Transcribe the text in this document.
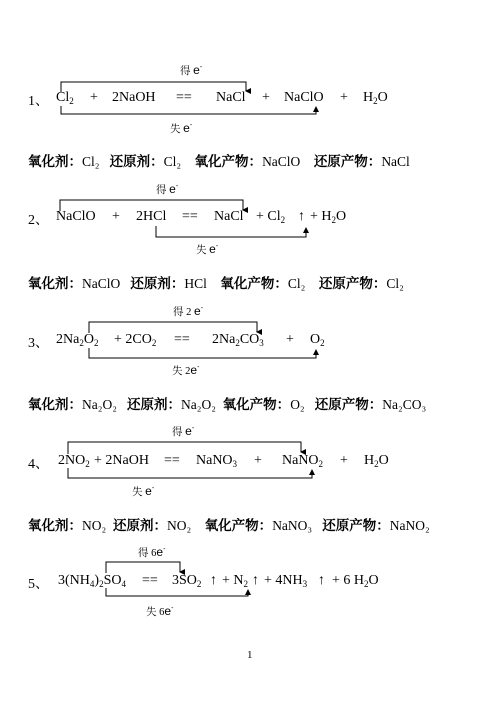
得 e-
1、 $Cl_2$ + 2NaOH == NaCl + NaClO + $H_2O$
失 e-
氧化剂：Cl₂ 还原剂：Cl₂ 氧化产物：NaClO 还原产物：NaCl
得 e-
2、 NaClO + 2HCl == NaCl + $Cl_2$ ↑ + $H_2O$
失 e-
氧化剂：NaClO 还原剂：HCl 氧化产物：Cl₂ 还原产物：Cl₂
得 2 e-
3、 $2Na_2O_2 + 2CO_2 == 2Na_2CO_3 + O_2$
失 2e-
氧化剂：Na₂O₂ 还原剂：Na₂O₂ 氧化产物：O₂ 还原产物：Na₂CO₃
得 e-
4、 $2NO_2$ + 2NaOH == NaNO$_3$ + NaNO$_2$ + $H_2O$
失 e-
氧化剂：NO₂ 还原剂：NO₂ 氧化产物：NaNO₃ 还原产物：NaNO₂
得 6e-
5、 $3(NH_4)_2SO_4 == 3SO_2$ ↑ + $N_2$ ↑ + $4NH_3$ ↑ + 6 $H_2O$
失 6e-
1
